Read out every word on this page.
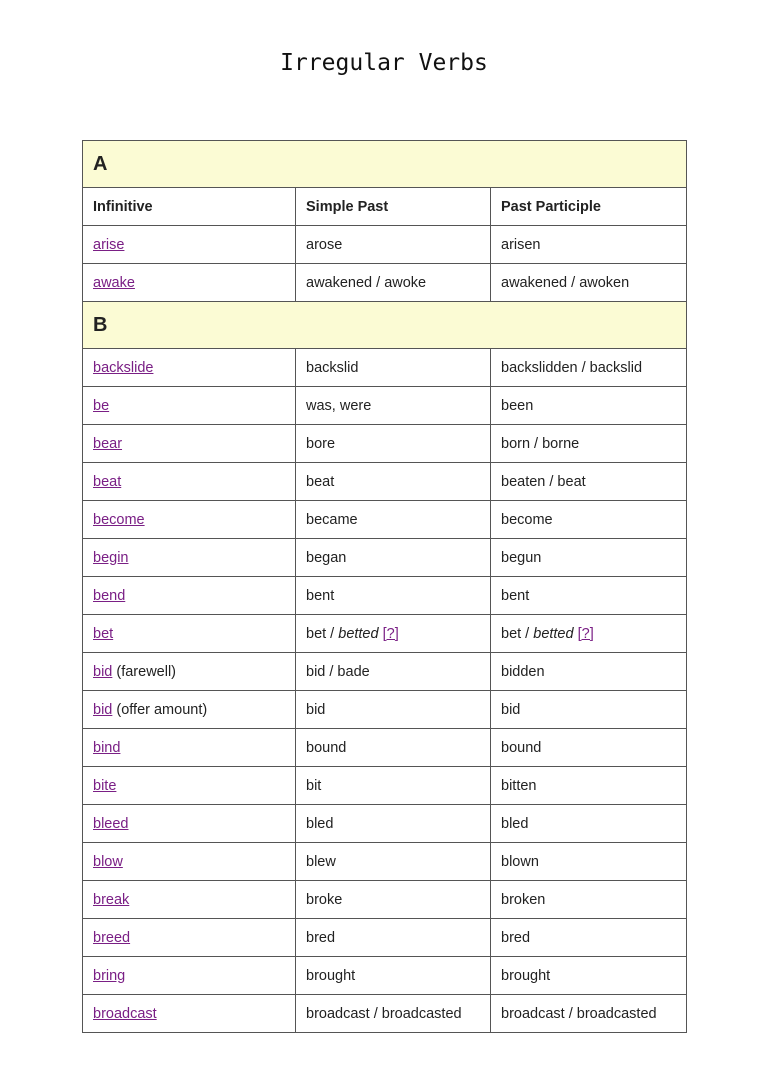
Irregular Verbs
A		
Infinitive	Simple Past	Past Participle
arise	arose	arisen
awake	awakened / awoke	awakened / awoken
B		
backslide	backslid	backslidden / backslid
be	was, were	been
bear	bore	born / borne
beat	beat	beaten / beat
become	became	become
begin	began	begun
bend	bent	bent
bet	bet / betted [?]	bet / betted [?]
bid (farewell)	bid / bade	bidden
bid (offer amount)	bid	bid
bind	bound	bound
bite	bit	bitten
bleed	bled	bled
blow	blew	blown
break	broke	broken
breed	bred	bred
bring	brought	brought
broadcast	broadcast / broadcasted	broadcast / broadcasted
